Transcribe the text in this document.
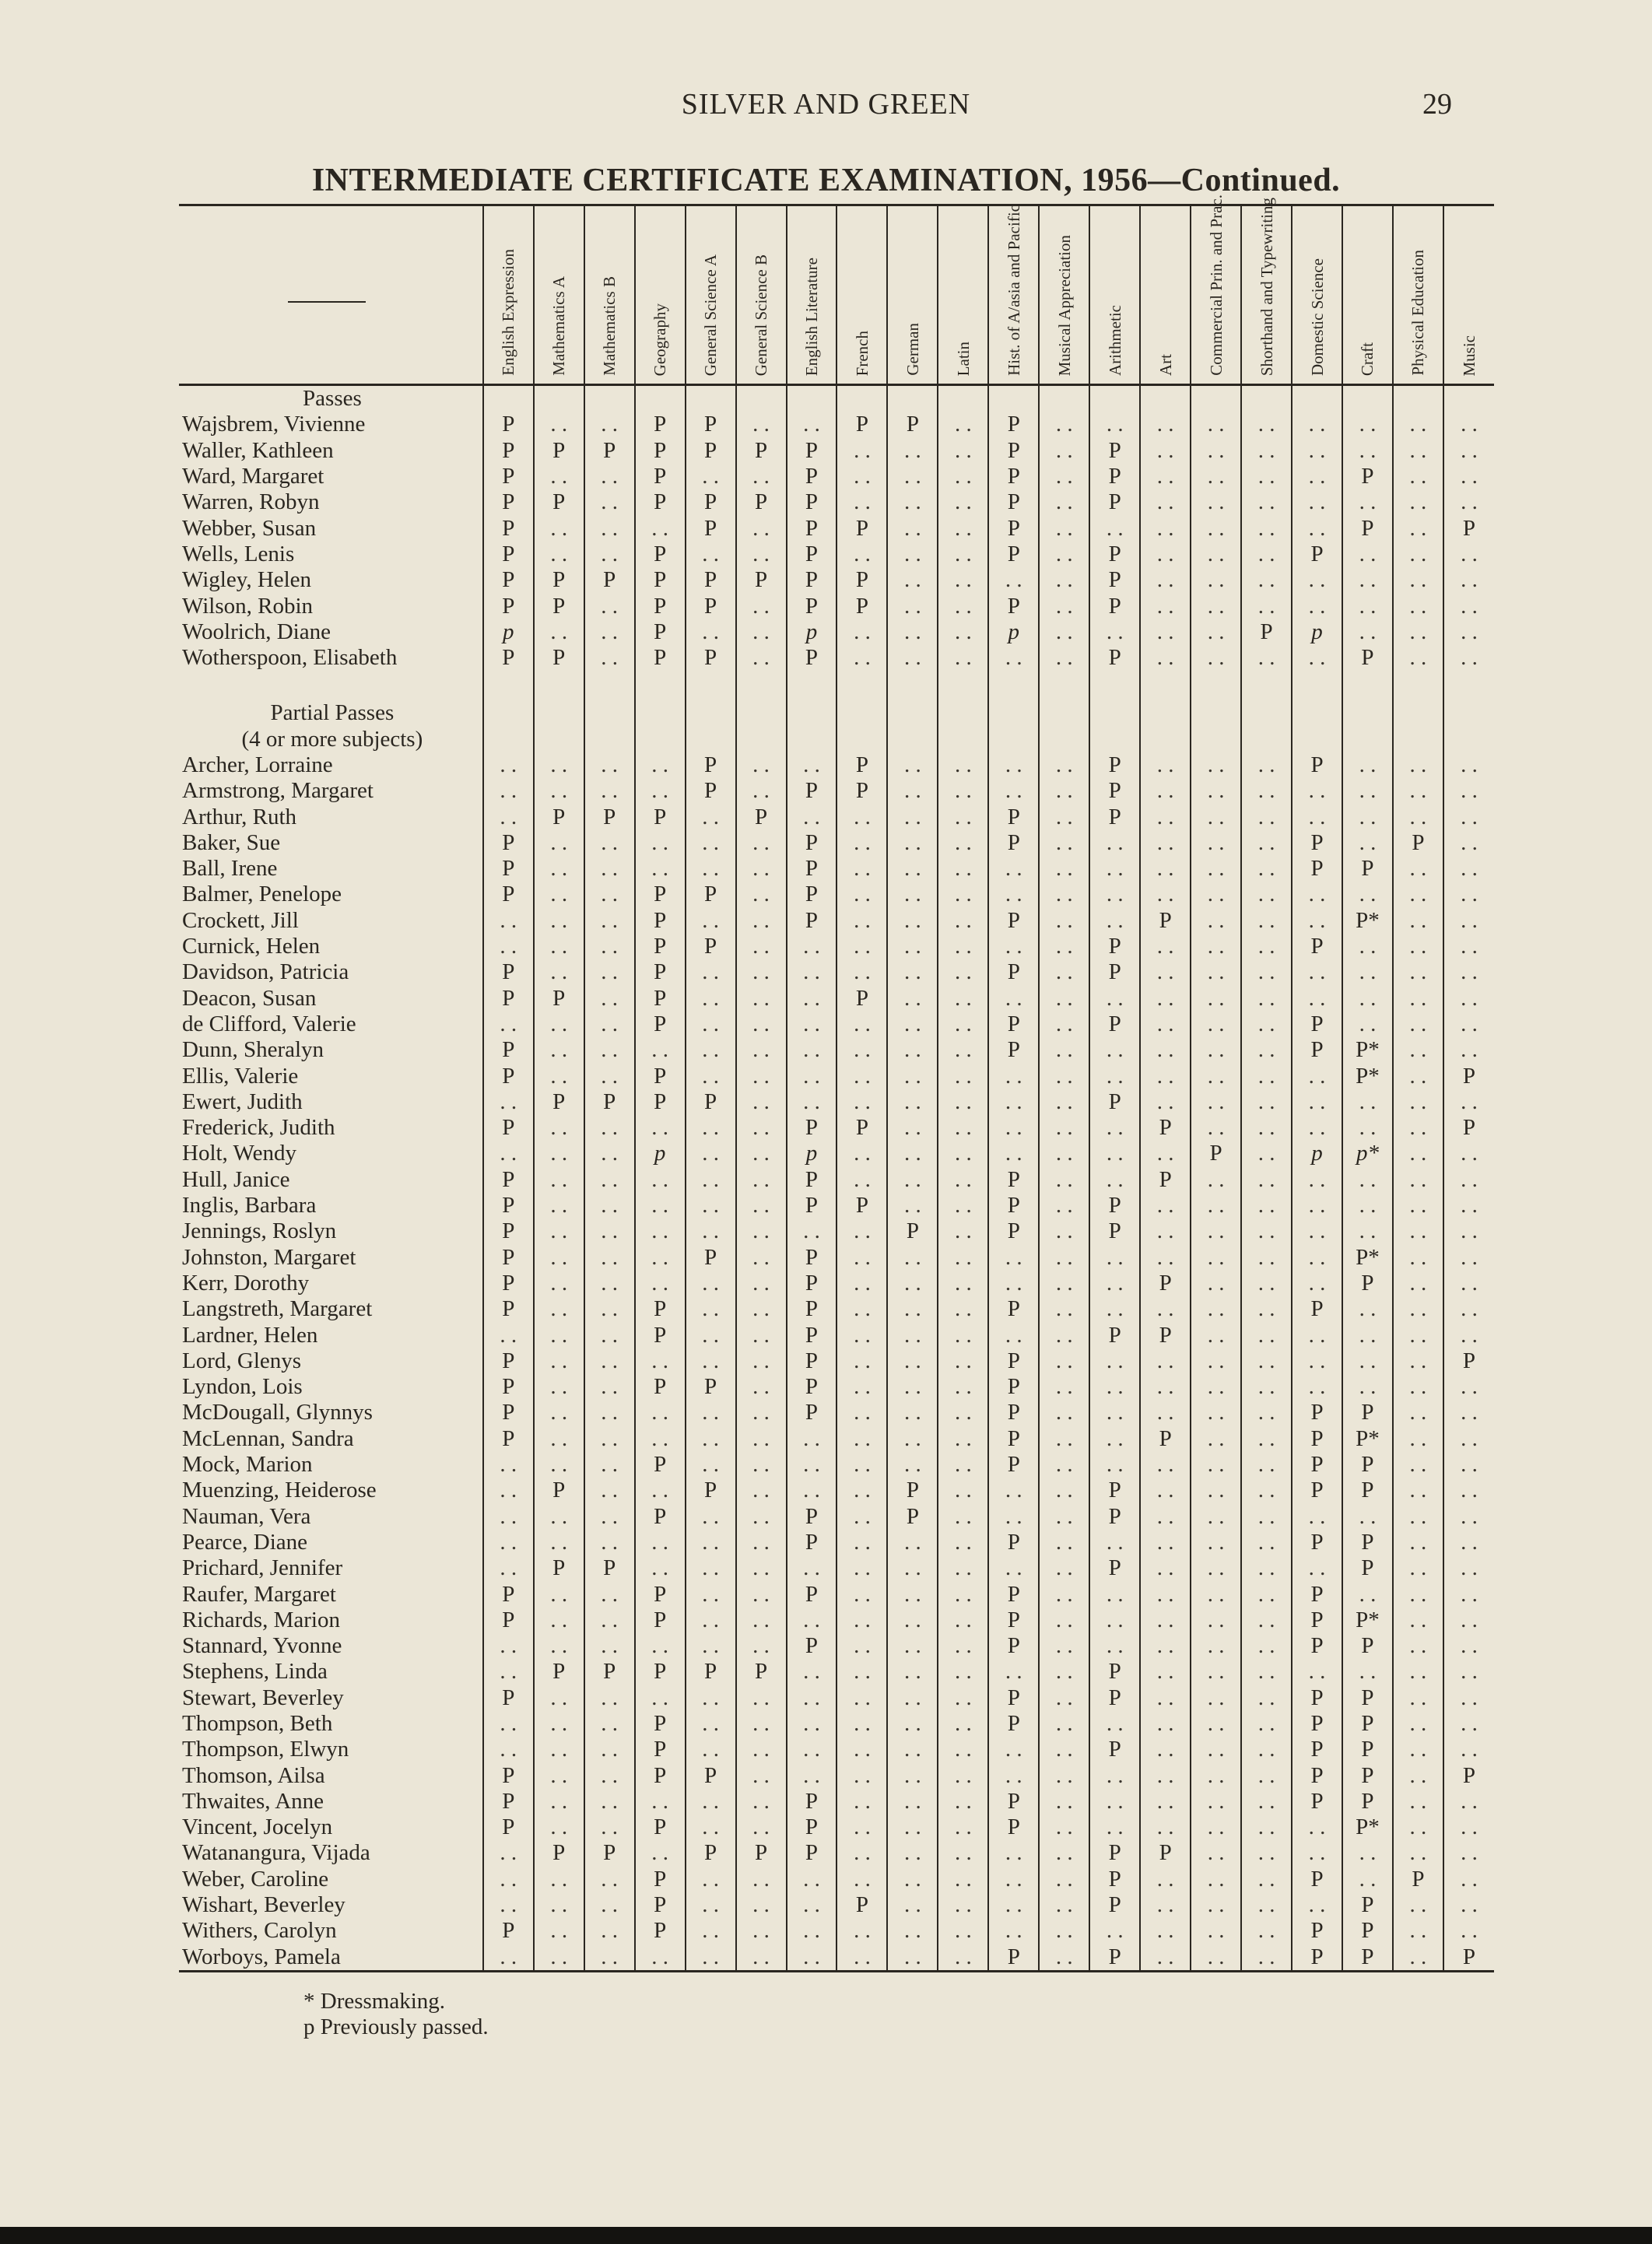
SILVER AND GREEN	29
INTERMEDIATE CERTIFICATE EXAMINATION, 1956—Continued.

	English Expression	Mathematics A	Mathematics B	Geography	General Science A	General Science B	English Literature	French	German	Latin	Hist. of A/asia and Pacific	Musical Appreciation	Arithmetic	Art	Commercial Prin. and Prac.	Shorthand and Typewriting	Domestic Science	Craft	Physical Education	Music

Passes																				
Wajsbrem, Vivienne	P	. .	. .	P	P	. .	. .	P	P	. .	P	. .	. .	. .	. .	. .	. .	. .	. .	. .
Waller, Kathleen	P	P	P	P	P	P	P	. .	. .	. .	P	. .	P	. .	. .	. .	. .	. .	. .	. .
Ward, Margaret	P	. .	. .	P	. .	. .	P	. .	. .	. .	P	. .	P	. .	. .	. .	. .	P	. .	. .
Warren, Robyn	P	P	. .	P	P	P	P	. .	. .	. .	P	. .	P	. .	. .	. .	. .	. .	. .	. .
Webber, Susan	P	. .	. .	. .	P	. .	P	P	. .	. .	P	. .	. .	. .	. .	. .	. .	P	. .	P
Wells, Lenis	P	. .	. .	P	. .	. .	P	. .	. .	. .	P	. .	P	. .	. .	. .	P	. .	. .	. .
Wigley, Helen	P	P	P	P	P	P	P	P	. .	. .	. .	. .	P	. .	. .	. .	. .	. .	. .	. .
Wilson, Robin	P	P	. .	P	P	. .	P	P	. .	. .	P	. .	P	. .	. .	. .	. .	. .	. .	. .
Woolrich, Diane	p	. .	. .	P	. .	. .	p	. .	. .	. .	p	. .	. .	. .	. .	P	p	. .	. .	. .
Wotherspoon, Elisabeth	P	P	. .	P	P	. .	P	. .	. .	. .	. .	. .	P	. .	. .	. .	. .	P	. .	. .

Partial Passes																				
(4 or more subjects)																				
Archer, Lorraine	. .	. .	. .	. .	P	. .	. .	P	. .	. .	. .	. .	P	. .	. .	. .	P	. .	. .	. .
Armstrong, Margaret	. .	. .	. .	. .	P	. .	P	P	. .	. .	. .	. .	P	. .	. .	. .	. .	. .	. .	. .
Arthur, Ruth	. .	P	P	P	. .	P	. .	. .	. .	. .	P	. .	P	. .	. .	. .	. .	. .	. .	. .
Baker, Sue	P	. .	. .	. .	. .	. .	P	. .	. .	. .	P	. .	. .	. .	. .	. .	P	. .	P	. .
Ball, Irene	P	. .	. .	. .	. .	. .	P	. .	. .	. .	. .	. .	. .	. .	. .	. .	P	P	. .	. .
Balmer, Penelope	P	. .	. .	P	P	. .	P	. .	. .	. .	. .	. .	. .	. .	. .	. .	. .	. .	. .	. .
Crockett, Jill	. .	. .	. .	P	. .	. .	P	. .	. .	. .	P	. .	. .	P	. .	. .	. .	P*	. .	. .
Curnick, Helen	. .	. .	. .	P	P	. .	. .	. .	. .	. .	. .	. .	P	. .	. .	. .	P	. .	. .	. .
Davidson, Patricia	P	. .	. .	P	. .	. .	. .	. .	. .	. .	P	. .	P	. .	. .	. .	. .	. .	. .	. .
Deacon, Susan	P	P	. .	P	. .	. .	. .	P	. .	. .	. .	. .	. .	. .	. .	. .	. .	. .	. .	. .
de Clifford, Valerie	. .	. .	. .	P	. .	. .	. .	. .	. .	. .	P	. .	P	. .	. .	. .	P	. .	. .	. .
Dunn, Sheralyn	P	. .	. .	. .	. .	. .	. .	. .	. .	. .	P	. .	. .	. .	. .	. .	P	P*	. .	. .
Ellis, Valerie	P	. .	. .	P	. .	. .	. .	. .	. .	. .	. .	. .	. .	. .	. .	. .	. .	P*	. .	P
Ewert, Judith	. .	P	P	P	P	. .	. .	. .	. .	. .	. .	. .	P	. .	. .	. .	. .	. .	. .	. .
Frederick, Judith	P	. .	. .	. .	. .	. .	P	P	. .	. .	. .	. .	. .	P	. .	. .	. .	. .	. .	P
Holt, Wendy	. .	. .	. .	p	. .	. .	p	. .	. .	. .	. .	. .	. .	. .	P	. .	p	p*	. .	. .
Hull, Janice	P	. .	. .	. .	. .	. .	P	. .	. .	. .	P	. .	. .	P	. .	. .	. .	. .	. .	. .
Inglis, Barbara	P	. .	. .	. .	. .	. .	P	P	. .	. .	P	. .	P	. .	. .	. .	. .	. .	. .	. .
Jennings, Roslyn	P	. .	. .	. .	. .	. .	. .	. .	P	. .	P	. .	P	. .	. .	. .	. .	. .	. .	. .
Johnston, Margaret	P	. .	. .	. .	P	. .	P	. .	. .	. .	. .	. .	. .	. .	. .	. .	. .	P*	. .	. .
Kerr, Dorothy	P	. .	. .	. .	. .	. .	P	. .	. .	. .	. .	. .	. .	P	. .	. .	. .	P	. .	. .
Langstreth, Margaret	P	. .	. .	P	. .	. .	P	. .	. .	. .	P	. .	. .	. .	. .	. .	P	. .	. .	. .
Lardner, Helen	. .	. .	. .	P	. .	. .	P	. .	. .	. .	. .	. .	P	P	. .	. .	. .	. .	. .	. .
Lord, Glenys	P	. .	. .	. .	. .	. .	P	. .	. .	. .	P	. .	. .	. .	. .	. .	. .	. .	. .	P
Lyndon, Lois	P	. .	. .	P	P	. .	P	. .	. .	. .	P	. .	. .	. .	. .	. .	. .	. .	. .	. .
McDougall, Glynnys	P	. .	. .	. .	. .	. .	P	. .	. .	. .	P	. .	. .	. .	. .	. .	P	P	. .	. .
McLennan, Sandra	P	. .	. .	. .	. .	. .	. .	. .	. .	. .	P	. .	. .	P	. .	. .	P	P*	. .	. .
Mock, Marion	. .	. .	. .	P	. .	. .	. .	. .	. .	. .	P	. .	. .	. .	. .	. .	P	P	. .	. .
Muenzing, Heiderose	. .	P	. .	. .	P	. .	. .	. .	P	. .	. .	. .	P	. .	. .	. .	P	P	. .	. .
Nauman, Vera	. .	. .	. .	P	. .	. .	P	. .	P	. .	. .	. .	P	. .	. .	. .	. .	. .	. .	. .
Pearce, Diane	. .	. .	. .	. .	. .	. .	P	. .	. .	. .	P	. .	. .	. .	. .	. .	P	P	. .	. .
Prichard, Jennifer	. .	P	P	. .	. .	. .	. .	. .	. .	. .	. .	. .	P	. .	. .	. .	. .	P	. .	. .
Raufer, Margaret	P	. .	. .	P	. .	. .	P	. .	. .	. .	P	. .	. .	. .	. .	. .	P	. .	. .	. .
Richards, Marion	P	. .	. .	P	. .	. .	. .	. .	. .	. .	P	. .	. .	. .	. .	. .	P	P*	. .	. .
Stannard, Yvonne	. .	. .	. .	. .	. .	. .	P	. .	. .	. .	P	. .	. .	. .	. .	. .	P	P	. .	. .
Stephens, Linda	. .	P	P	P	P	P	. .	. .	. .	. .	. .	. .	P	. .	. .	. .	. .	. .	. .	. .
Stewart, Beverley	P	. .	. .	. .	. .	. .	. .	. .	. .	. .	P	. .	P	. .	. .	. .	P	P	. .	. .
Thompson, Beth	. .	. .	. .	P	. .	. .	. .	. .	. .	. .	P	. .	. .	. .	. .	. .	P	P	. .	. .
Thompson, Elwyn	. .	. .	. .	P	. .	. .	. .	. .	. .	. .	. .	. .	P	. .	. .	. .	P	P	. .	. .
Thomson, Ailsa	P	. .	. .	P	P	. .	. .	. .	. .	. .	. .	. .	. .	. .	. .	. .	P	P	. .	P
Thwaites, Anne	P	. .	. .	. .	. .	. .	P	. .	. .	. .	P	. .	. .	. .	. .	. .	P	P	. .	. .
Vincent, Jocelyn	P	. .	. .	P	. .	. .	P	. .	. .	. .	P	. .	. .	. .	. .	. .	. .	P*	. .	. .
Watanangura, Vijada	. .	P	P	. .	P	P	P	. .	. .	. .	. .	. .	P	P	. .	. .	. .	. .	. .	. .
Weber, Caroline	. .	. .	. .	P	. .	. .	. .	. .	. .	. .	. .	. .	P	. .	. .	. .	P	. .	P	. .
Wishart, Beverley	. .	. .	. .	P	. .	. .	. .	P	. .	. .	. .	. .	P	. .	. .	. .	. .	P	. .	. .
Withers, Carolyn	P	. .	. .	P	. .	. .	. .	. .	. .	. .	. .	. .	. .	. .	. .	. .	P	P	. .	. .
Worboys, Pamela	. .	. .	. .	. .	. .	. .	. .	. .	. .	. .	P	. .	P	. .	. .	. .	P	P	. .	P
* Dressmaking.
p Previously passed.
